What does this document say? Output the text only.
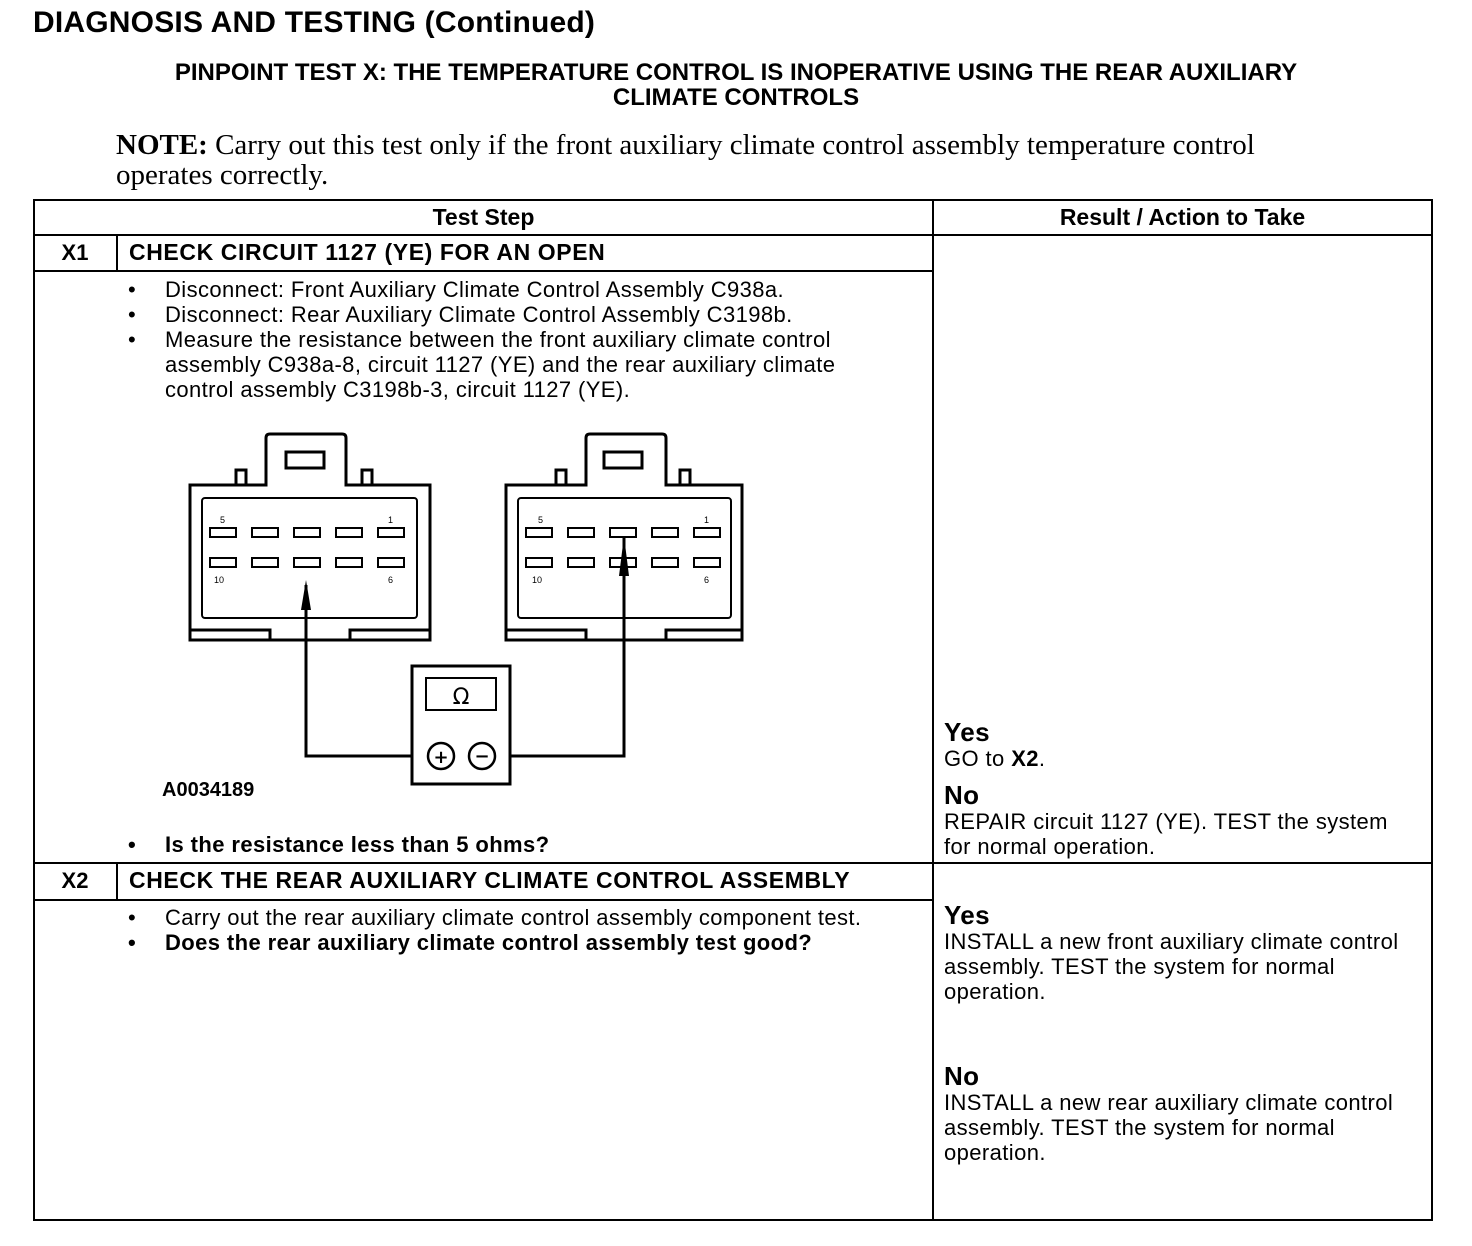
DIAGNOSIS AND TESTING (Continued)
PINPOINT TEST X: THE TEMPERATURE CONTROL IS INOPERATIVE USING THE REAR AUXILIARY
CLIMATE CONTROLS
NOTE: Carry out this test only if the front auxiliary climate control assembly temperature control operates correctly.
Test Step	Result / Action to Take
X1	CHECK CIRCUIT 1127 (YE) FOR AN OPEN
• Disconnect: Front Auxiliary Climate Control Assembly C938a.
• Disconnect: Rear Auxiliary Climate Control Assembly C3198b.
• Measure the resistance between the front auxiliary climate control assembly C938a-8, circuit 1127 (YE) and the rear auxiliary climate control assembly C3198b-3, circuit 1127 (YE).
5	1
10	6
5	1
10	6
Ω
+ −
A0034189
• Is the resistance less than 5 ohms?
Yes
GO to X2.
No
REPAIR circuit 1127 (YE). TEST the system for normal operation.
X2	CHECK THE REAR AUXILIARY CLIMATE CONTROL ASSEMBLY
• Carry out the rear auxiliary climate control assembly component test.
• Does the rear auxiliary climate control assembly test good?
Yes
INSTALL a new front auxiliary climate control assembly. TEST the system for normal operation.
No
INSTALL a new rear auxiliary climate control assembly. TEST the system for normal operation.
